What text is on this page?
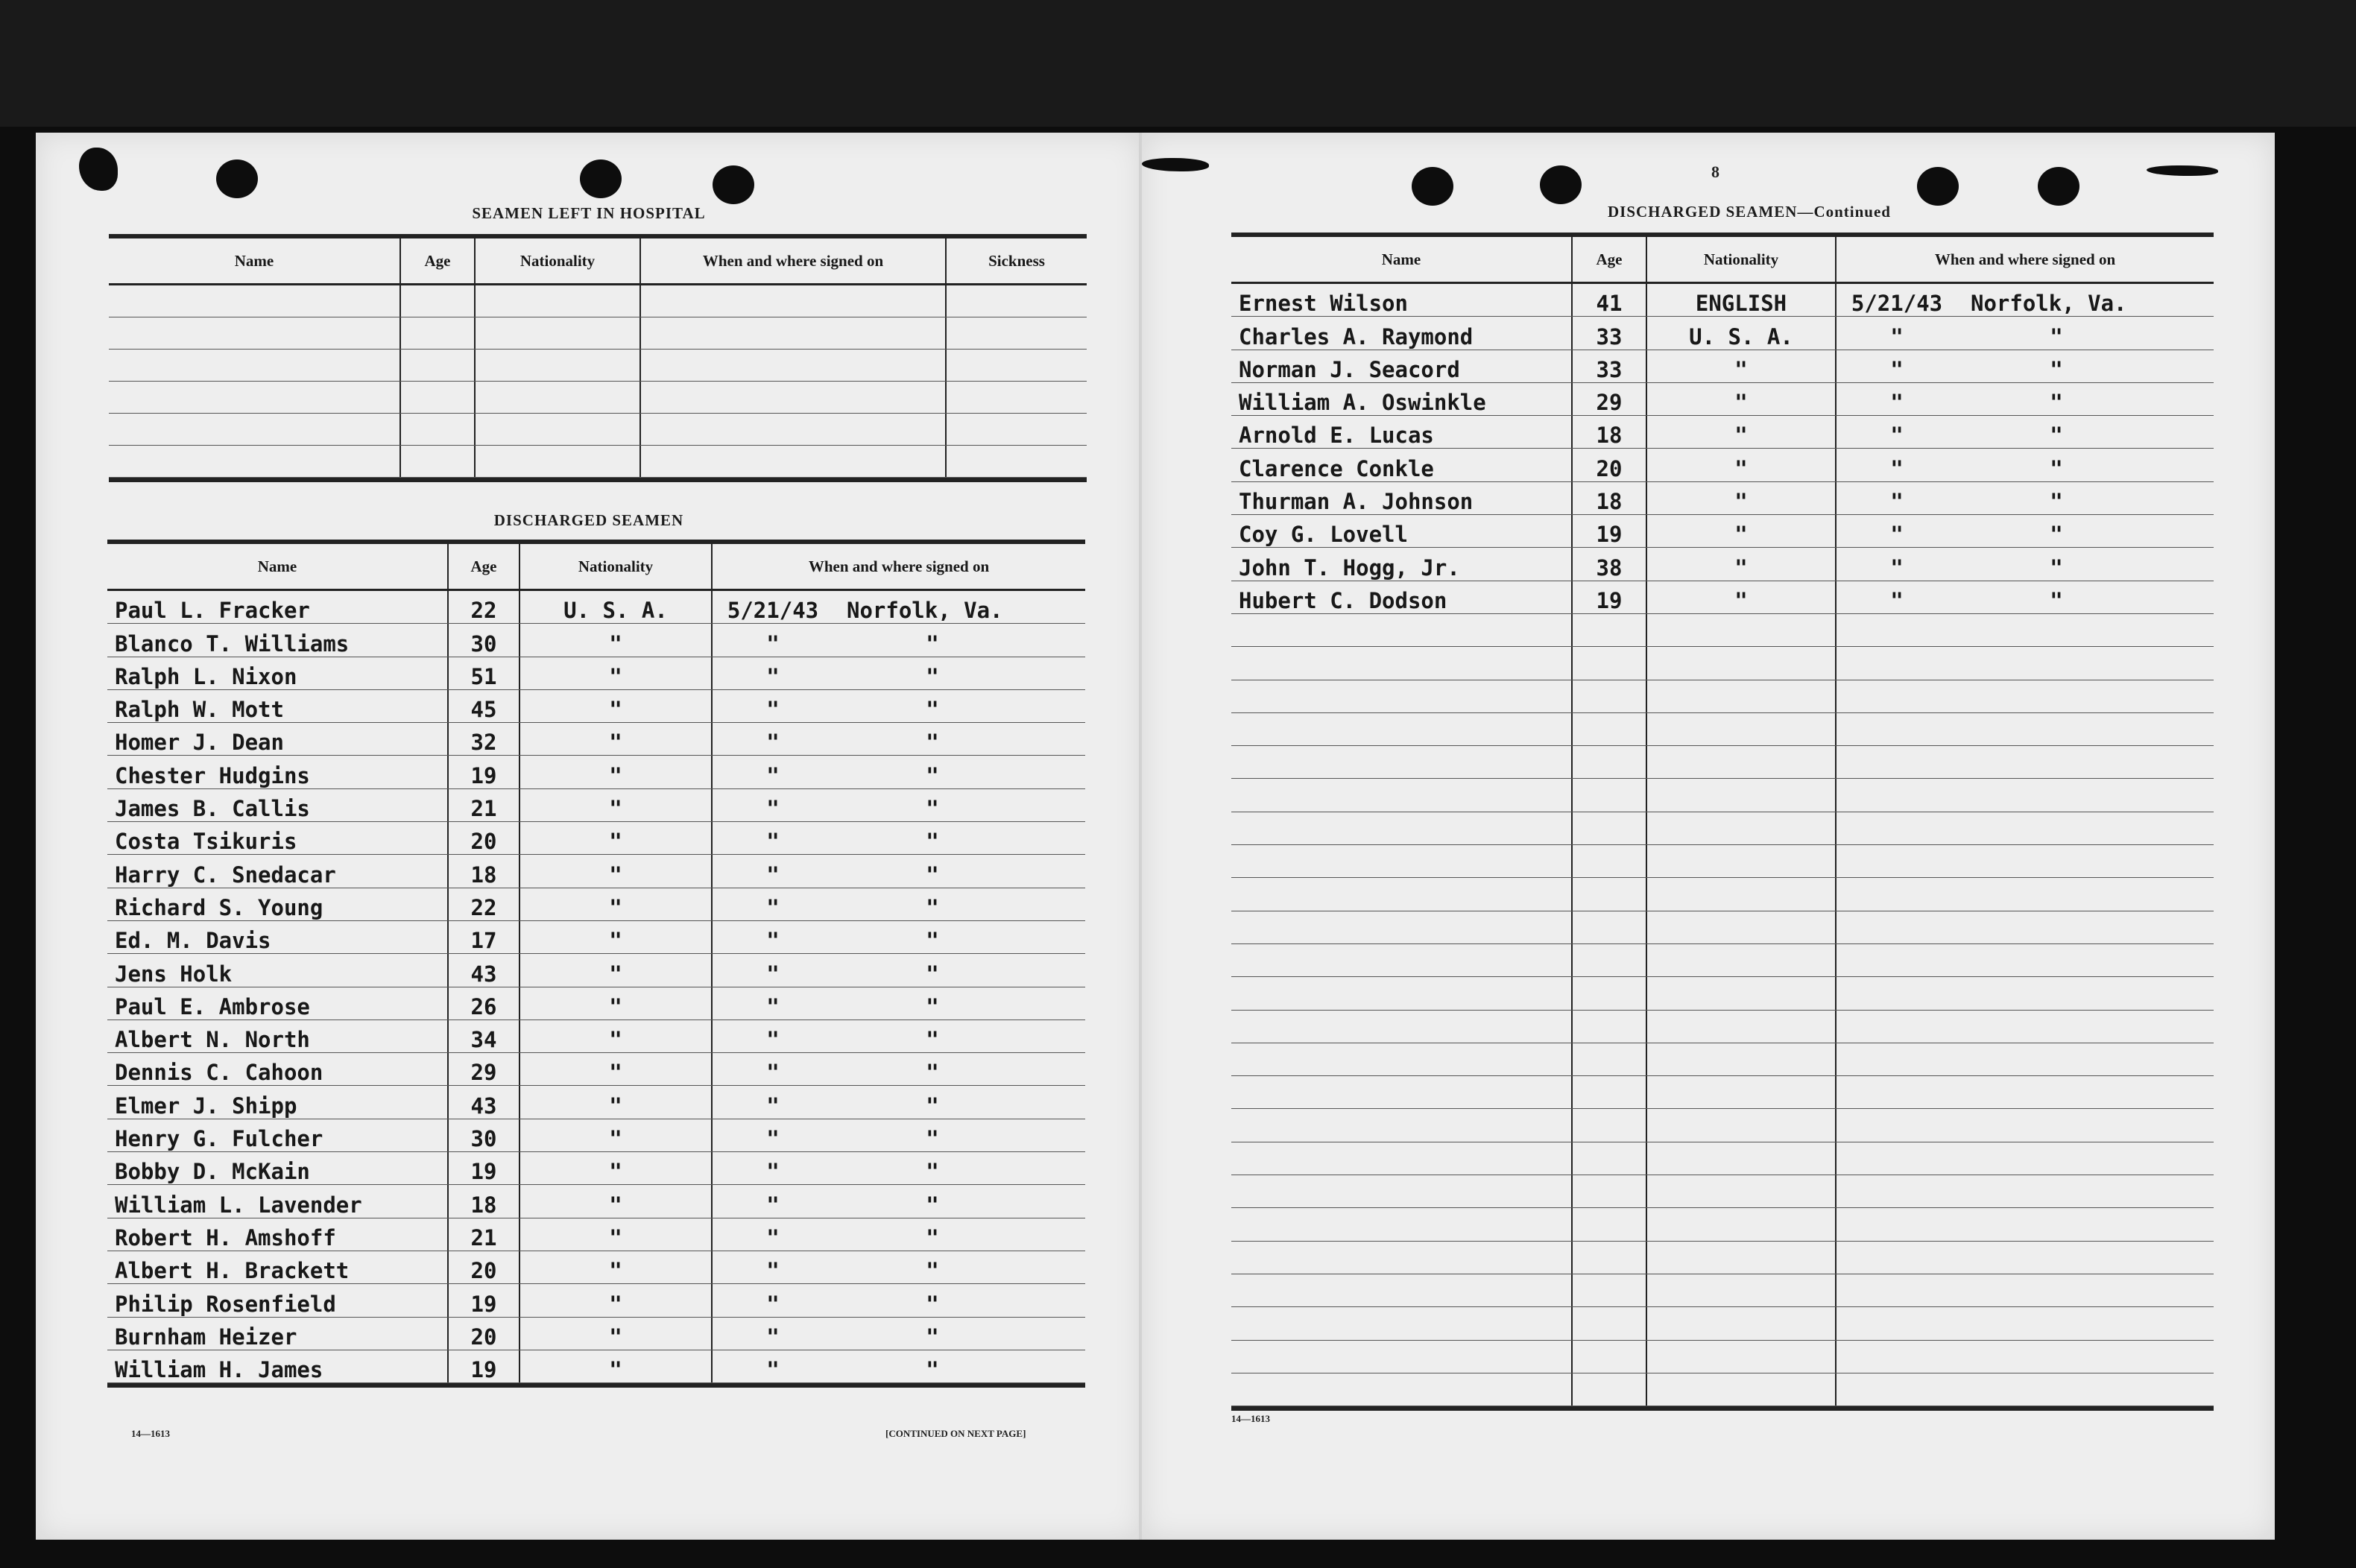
SEAMEN LEFT IN HOSPITAL
Name	Age	Nationality	When and where signed on	Sickness
DISCHARGED SEAMEN
Name	Age	Nationality	When and where signed on
Paul L. Fracker	22	U. S. A.	5/21/43	Norfolk, Va.
Blanco T. Williams	30	"	"	"
Ralph L. Nixon	51	"	"	"
Ralph W. Mott	45	"	"	"
Homer J. Dean	32	"	"	"
Chester Hudgins	19	"	"	"
James B. Callis	21	"	"	"
Costa Tsikuris	20	"	"	"
Harry C. Snedacar	18	"	"	"
Richard S. Young	22	"	"	"
Ed. M. Davis	17	"	"	"
Jens Holk	43	"	"	"
Paul E. Ambrose	26	"	"	"
Albert N. North	34	"	"	"
Dennis C. Cahoon	29	"	"	"
Elmer J. Shipp	43	"	"	"
Henry G. Fulcher	30	"	"	"
Bobby D. McKain	19	"	"	"
William L. Lavender	18	"	"	"
Robert H. Amshoff	21	"	"	"
Albert H. Brackett	20	"	"	"
Philip Rosenfield	19	"	"	"
Burnham Heizer	20	"	"	"
William H. James	19	"	"	"
14—1613	[CONTINUED ON NEXT PAGE]
8
DISCHARGED SEAMEN—Continued
Name	Age	Nationality	When and where signed on
Ernest Wilson	41	ENGLISH	5/21/43	Norfolk, Va.
Charles A. Raymond	33	U. S. A.	"	"
Norman J. Seacord	33	"	"	"
William A. Oswinkle	29	"	"	"
Arnold E. Lucas	18	"	"	"
Clarence Conkle	20	"	"	"
Thurman A. Johnson	18	"	"	"
Coy G. Lovell	19	"	"	"
John T. Hogg, Jr.	38	"	"	"
Hubert C. Dodson	19	"	"	"
14—1613
